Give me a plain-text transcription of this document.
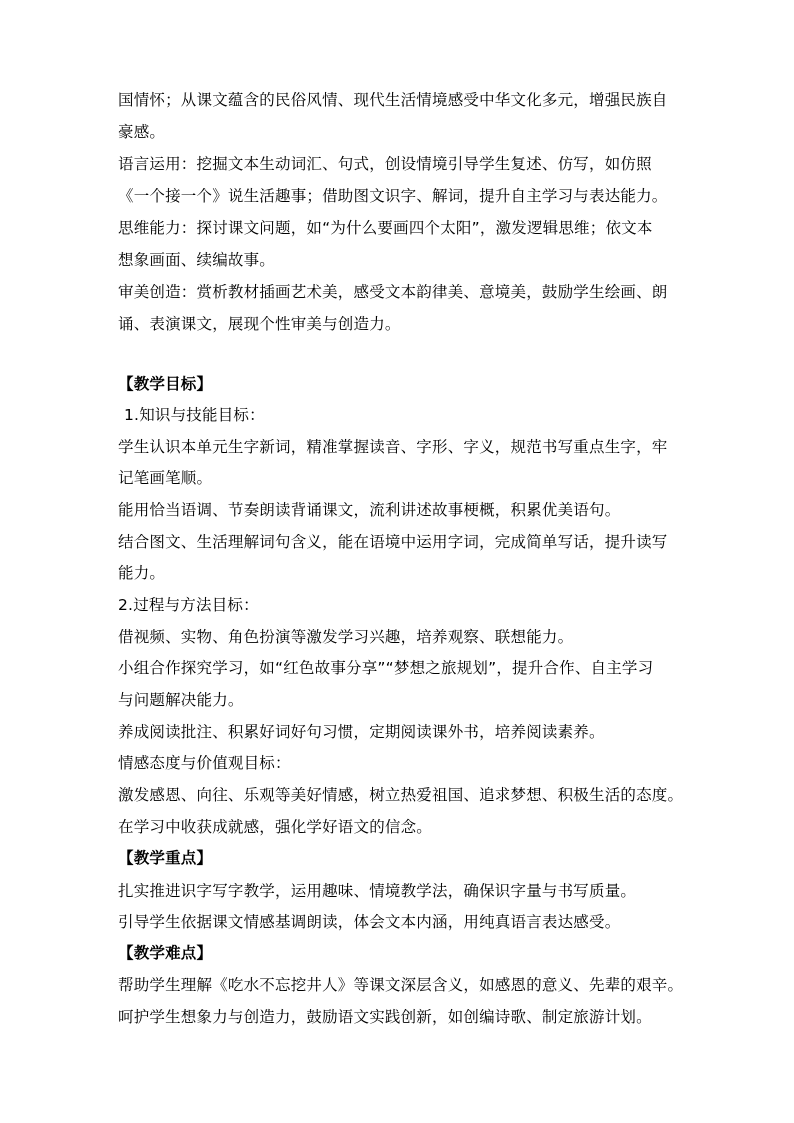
国情怀；从课文蕴含的民俗风情、现代生活情境感受中华文化多元，增强民族自
豪感。
语言运用：挖掘文本生动词汇、句式，创设情境引导学生复述、仿写，如仿照
《一个接一个》说生活趣事；借助图文识字、解词，提升自主学习与表达能力。
思维能力：探讨课文问题，如“为什么要画四个太阳”，激发逻辑思维；依文本
想象画面、续编故事。
审美创造：赏析教材插画艺术美，感受文本韵律美、意境美，鼓励学生绘画、朗
诵、表演课文，展现个性审美与创造力。
【教学目标】
1.知识与技能目标：
学生认识本单元生字新词，精准掌握读音、字形、字义，规范书写重点生字，牢
记笔画笔顺。
能用恰当语调、节奏朗读背诵课文，流利讲述故事梗概，积累优美语句。
结合图文、生活理解词句含义，能在语境中运用字词，完成简单写话，提升读写
能力。
2.过程与方法目标：
借视频、实物、角色扮演等激发学习兴趣，培养观察、联想能力。
小组合作探究学习，如“红色故事分享”“梦想之旅规划”，提升合作、自主学习
与问题解决能力。
养成阅读批注、积累好词好句习惯，定期阅读课外书，培养阅读素养。
情感态度与价值观目标：
激发感恩、向往、乐观等美好情感，树立热爱祖国、追求梦想、积极生活的态度。
在学习中收获成就感，强化学好语文的信念。
【教学重点】
扎实推进识字写字教学，运用趣味、情境教学法，确保识字量与书写质量。
引导学生依据课文情感基调朗读，体会文本内涵，用纯真语言表达感受。
【教学难点】
帮助学生理解《吃水不忘挖井人》等课文深层含义，如感恩的意义、先辈的艰辛。
呵护学生想象力与创造力，鼓励语文实践创新，如创编诗歌、制定旅游计划。
